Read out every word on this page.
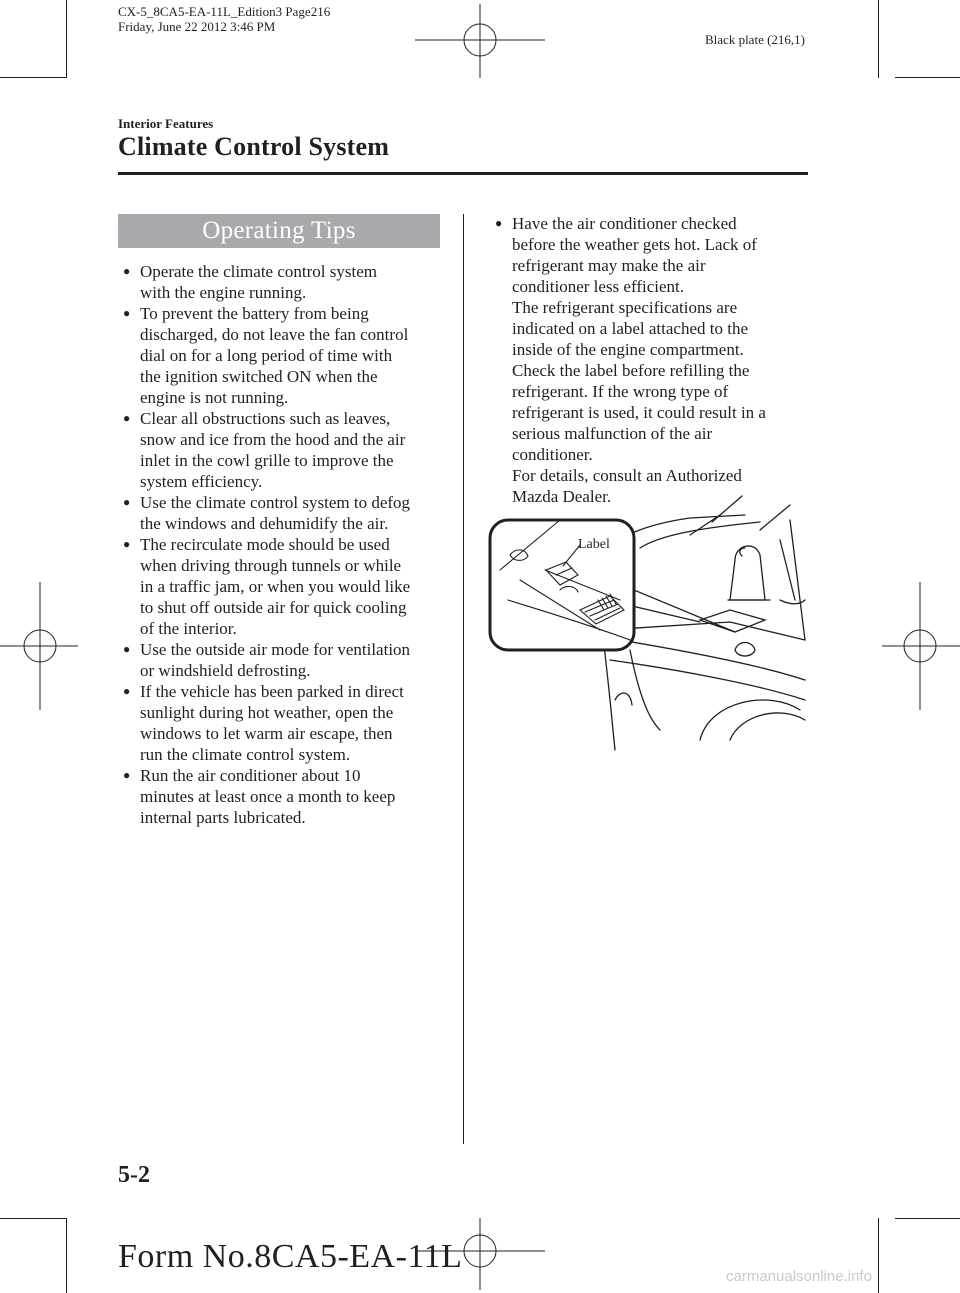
CX-5_8CA5-EA-11L_Edition3 Page216
Friday, June 22 2012 3:46 PM
Black plate (216,1)
Interior Features
Climate Control System
Operating Tips
● Operate the climate control system
with the engine running.
● To prevent the battery from being
discharged, do not leave the fan control
dial on for a long period of time with
the ignition switched ON when the
engine is not running.
● Clear all obstructions such as leaves,
snow and ice from the hood and the air
inlet in the cowl grille to improve the
system efficiency.
● Use the climate control system to defog
the windows and dehumidify the air.
● The recirculate mode should be used
when driving through tunnels or while
in a traffic jam, or when you would like
to shut off outside air for quick cooling
of the interior.
● Use the outside air mode for ventilation
or windshield defrosting.
● If the vehicle has been parked in direct
sunlight during hot weather, open the
windows to let warm air escape, then
run the climate control system.
● Run the air conditioner about 10
minutes at least once a month to keep
internal parts lubricated.
● Have the air conditioner checked
before the weather gets hot. Lack of
refrigerant may make the air
conditioner less efficient.
The refrigerant specifications are
indicated on a label attached to the
inside of the engine compartment.
Check the label before refilling the
refrigerant. If the wrong type of
refrigerant is used, it could result in a
serious malfunction of the air
conditioner.
For details, consult an Authorized
Mazda Dealer.
Label
5-2
Form No.8CA5-EA-11L
carmanualsonline.info
